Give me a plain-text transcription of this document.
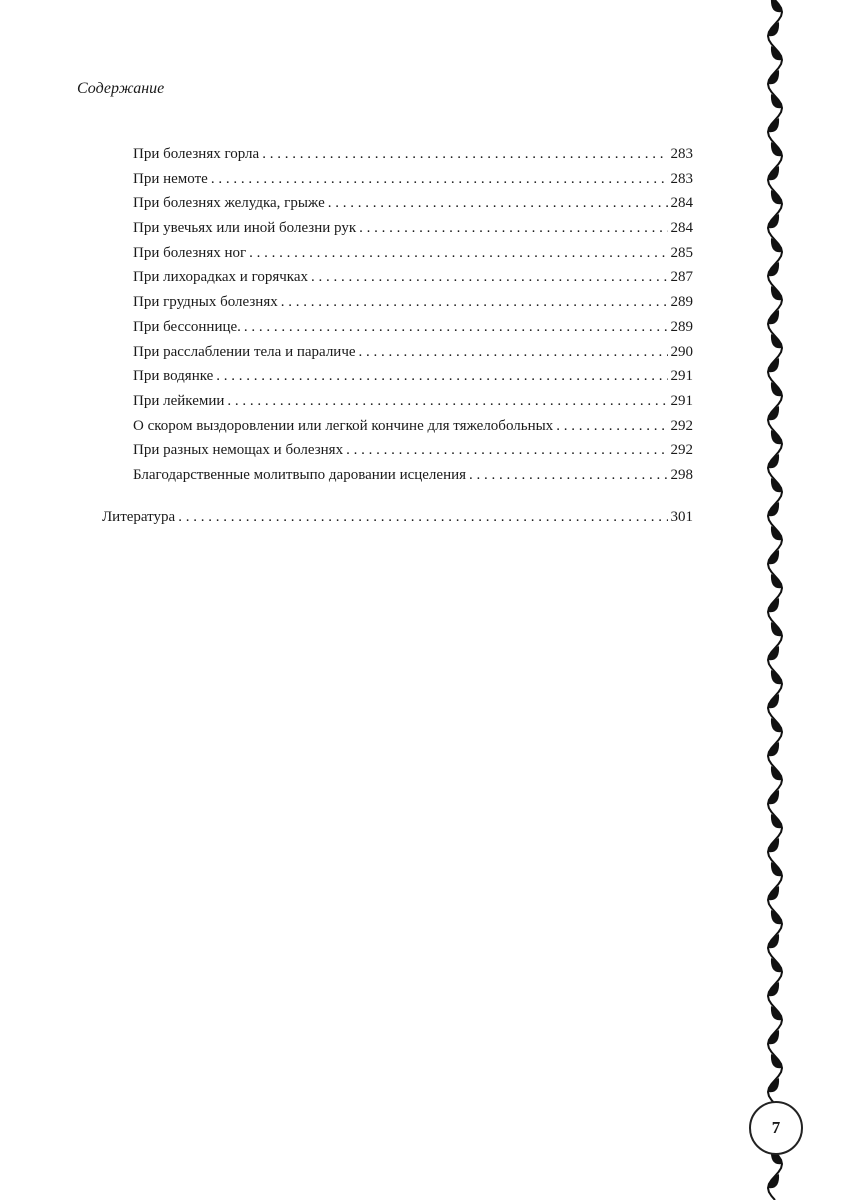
Содержание
При болезнях горла . . .	283
При немоте . . .	283
При болезнях желудка, грыже . . .	284
При увечьях или иной болезни рук . . .	284
При болезнях ног . . .	285
При лихорадках и горячках . . .	287
При грудных болезнях . . .	289
При бессоннице. . . .	289
При расслаблении тела и параличе . . .	290
При водянке . . .	291
При лейкемии . . .	291
О скором выздоровлении или легкой кончине для тяжелобольных . . .	292
При разных немощах и болезнях . . .	292
Благодарственные молитвыпо даровании исцеления . . .	298
Литература . . .	301
7
